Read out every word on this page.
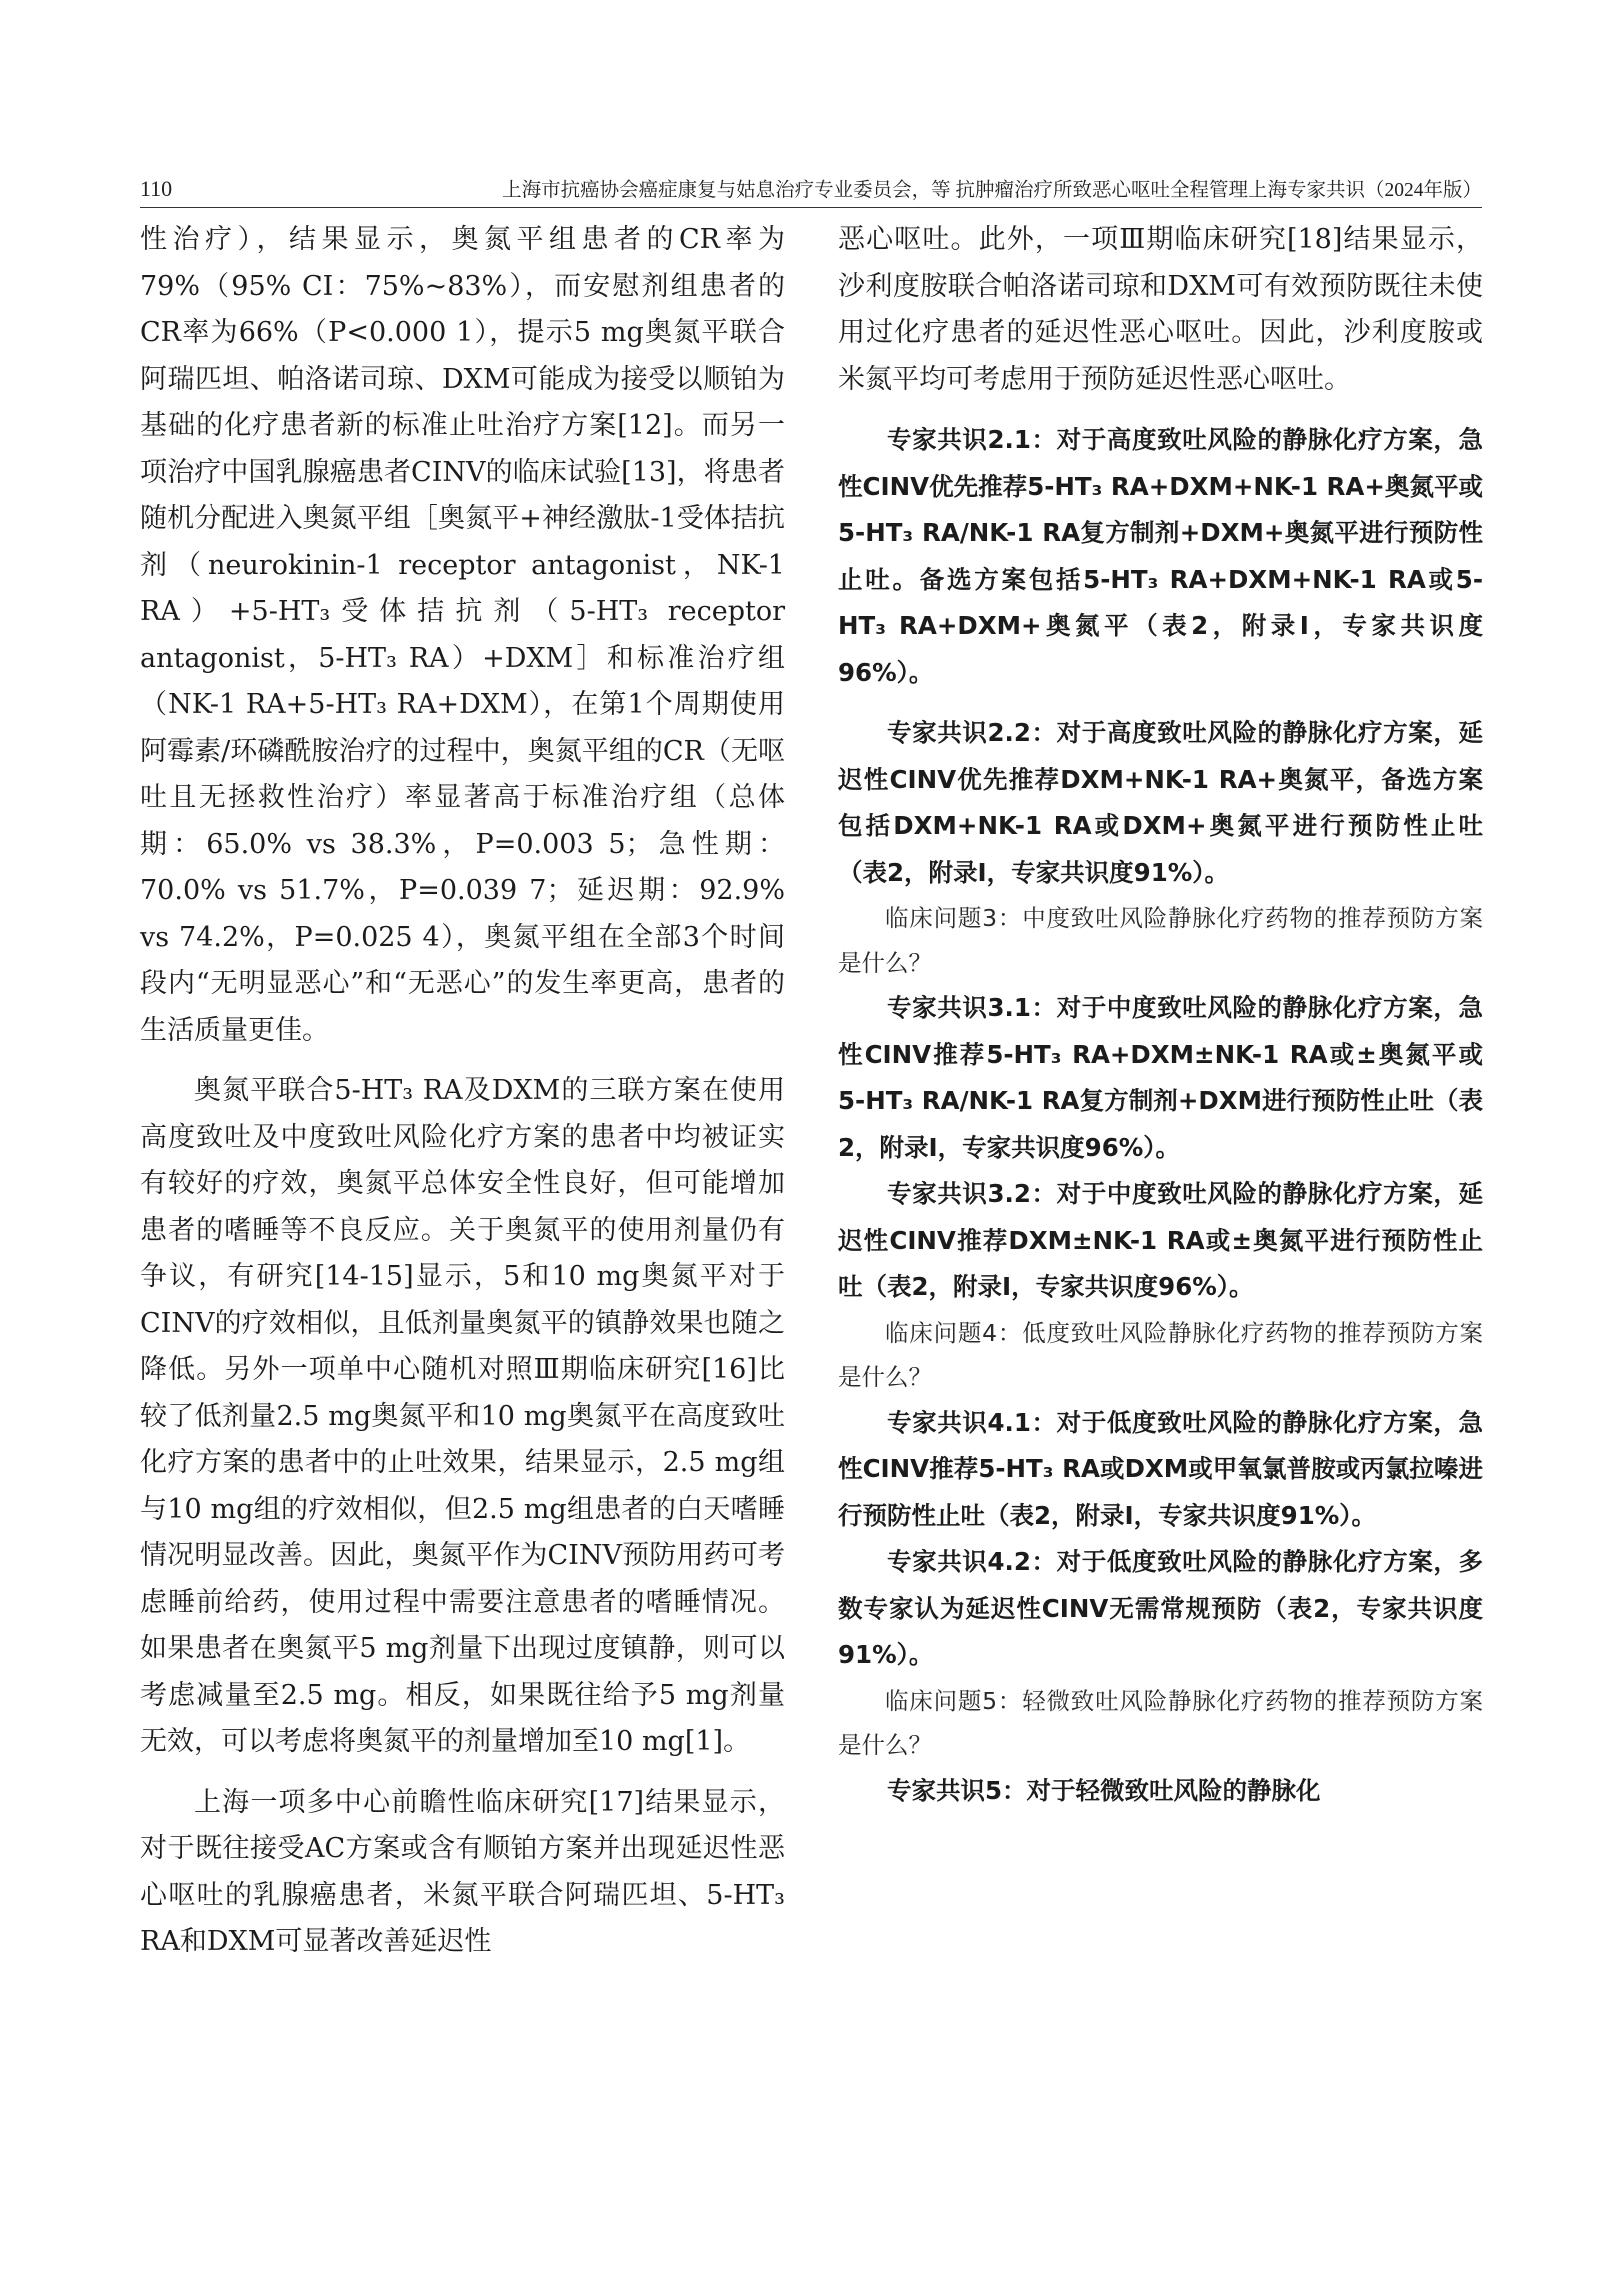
110	上海市抗癌协会癌症康复与姑息治疗专业委员会，等 抗肿瘤治疗所致恶心呕吐全程管理上海专家共识（2024年版）

性治疗），结果显示，奥氮平组患者的CR率为79%（95% CI：75%~83%），而安慰剂组患者的CR率为66%（P<0.000 1），提示5 mg奥氮平联合阿瑞匹坦、帕洛诺司琼、DXM可能成为接受以顺铂为基础的化疗患者新的标准止吐治疗方案[12]。而另一项治疗中国乳腺癌患者CINV的临床试验[13]，将患者随机分配进入奥氮平组［奥氮平+神经激肽-1受体拮抗剂（neurokinin-1 receptor antagonist，NK-1 RA）+5-HT₃受体拮抗剂（5-HT₃ receptor antagonist，5-HT₃ RA）+DXM］和标准治疗组（NK-1 RA+5-HT₃ RA+DXM），在第1个周期使用阿霉素/环磷酰胺治疗的过程中，奥氮平组的CR（无呕吐且无拯救性治疗）率显著高于标准治疗组（总体期：65.0% vs 38.3%，P=0.003 5；急性期：70.0% vs 51.7%，P=0.039 7；延迟期：92.9% vs 74.2%，P=0.025 4），奥氮平组在全部3个时间段内“无明显恶心”和“无恶心”的发生率更高，患者的生活质量更佳。

奥氮平联合5-HT₃ RA及DXM的三联方案在使用高度致吐及中度致吐风险化疗方案的患者中均被证实有较好的疗效，奥氮平总体安全性良好，但可能增加患者的嗜睡等不良反应。关于奥氮平的使用剂量仍有争议，有研究[14-15]显示，5和10 mg奥氮平对于CINV的疗效相似，且低剂量奥氮平的镇静效果也随之降低。另外一项单中心随机对照Ⅲ期临床研究[16]比较了低剂量2.5 mg奥氮平和10 mg奥氮平在高度致吐化疗方案的患者中的止吐效果，结果显示，2.5 mg组与10 mg组的疗效相似，但2.5 mg组患者的白天嗜睡情况明显改善。因此，奥氮平作为CINV预防用药可考虑睡前给药，使用过程中需要注意患者的嗜睡情况。如果患者在奥氮平5 mg剂量下出现过度镇静，则可以考虑减量至2.5 mg。相反，如果既往给予5 mg剂量无效，可以考虑将奥氮平的剂量增加至10 mg[1]。

上海一项多中心前瞻性临床研究[17]结果显示，对于既往接受AC方案或含有顺铂方案并出现延迟性恶心呕吐的乳腺癌患者，米氮平联合阿瑞匹坦、5-HT₃ RA和DXM可显著改善延迟性

恶心呕吐。此外，一项Ⅲ期临床研究[18]结果显示，沙利度胺联合帕洛诺司琼和DXM可有效预防既往未使用过化疗患者的延迟性恶心呕吐。因此，沙利度胺或米氮平均可考虑用于预防延迟性恶心呕吐。

专家共识2.1：对于高度致吐风险的静脉化疗方案，急性CINV优先推荐5-HT₃ RA+DXM+NK-1 RA+奥氮平或5-HT₃ RA/NK-1 RA复方制剂+DXM+奥氮平进行预防性止吐。备选方案包括5-HT₃ RA+DXM+NK-1 RA或5-HT₃ RA+DXM+奥氮平（表2，附录Ⅰ，专家共识度96%）。

专家共识2.2：对于高度致吐风险的静脉化疗方案，延迟性CINV优先推荐DXM+NK-1 RA+奥氮平，备选方案包括DXM+NK-1 RA或DXM+奥氮平进行预防性止吐（表2，附录Ⅰ，专家共识度91%）。

临床问题3：中度致吐风险静脉化疗药物的推荐预防方案是什么？

专家共识3.1：对于中度致吐风险的静脉化疗方案，急性CINV推荐5-HT₃ RA+DXM±NK-1 RA或±奥氮平或5-HT₃ RA/NK-1 RA复方制剂+DXM进行预防性止吐（表2，附录Ⅰ，专家共识度96%）。

专家共识3.2：对于中度致吐风险的静脉化疗方案，延迟性CINV推荐DXM±NK-1 RA或±奥氮平进行预防性止吐（表2，附录Ⅰ，专家共识度96%）。

临床问题4：低度致吐风险静脉化疗药物的推荐预防方案是什么？

专家共识4.1：对于低度致吐风险的静脉化疗方案，急性CINV推荐5-HT₃ RA或DXM或甲氧氯普胺或丙氯拉嗪进行预防性止吐（表2，附录Ⅰ，专家共识度91%）。

专家共识4.2：对于低度致吐风险的静脉化疗方案，多数专家认为延迟性CINV无需常规预防（表2，专家共识度91%）。

临床问题5：轻微致吐风险静脉化疗药物的推荐预防方案是什么？

专家共识5：对于轻微致吐风险的静脉化
